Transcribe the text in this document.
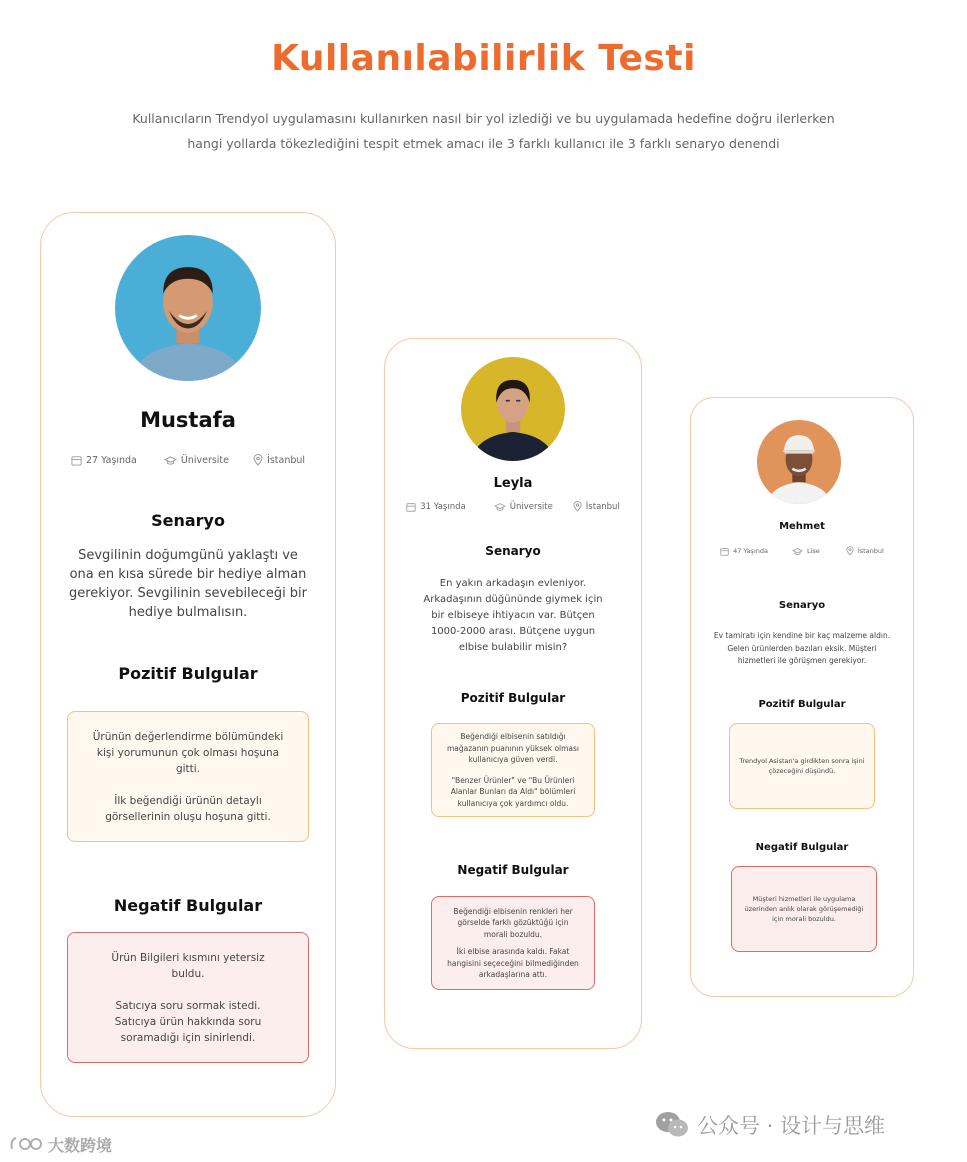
Kullanılabilirlik Testi
Kullanıcıların Trendyol uygulamasını kullanırken nasıl bir yol izlediği ve bu uygulamada hedefine doğru ilerlerken
hangi yollarda tökezlediğini tespit etmek amacı ile 3 farklı kullanıcı ile 3 farklı senaryo denendi
Mustafa
27 Yaşında	Üniversite	İstanbul
Senaryo
Sevgilinin doğumgünü yaklaştı ve ona en kısa sürede bir hediye alman gerekiyor. Sevgilinin sevebileceği bir hediye bulmalısın.
Pozitif Bulgular

Ürünün değerlendirme bölümündeki kişi yorumunun çok olması hoşuna gitti.

İlk beğendiği ürünün detaylı görsellerinin oluşu hoşuna gitti.

Negatif Bulgular

Ürün Bilgileri kısmını yetersiz buldu.

Satıcıya soru sormak istedi. Satıcıya ürün hakkında soru soramadığı için sinirlendi.

Leyla
31 Yaşında	Üniversite	İstanbul
Senaryo
En yakın arkadaşın evleniyor. Arkadaşının düğününde giymek için bir elbiseye ihtiyacın var. Bütçen 1000-2000 arası. Bütçene uygun elbise bulabilir misin?
Pozitif Bulgular

Beğendiği elbisenin satıldığı mağazanın puanının yüksek olması kullanıcıya güven verdi.

"Benzer Ürünler" ve "Bu Ürünleri Alanlar Bunları da Aldı" bölümleri kullanıcıya çok yardımcı oldu.

Negatif Bulgular

Beğendiği elbisenin renkleri her görselde farklı gözüktüğü için morali bozuldu.

İki elbise arasında kaldı. Fakat hangisini seçeceğini bilmediğinden arkadaşlarına attı.

Mehmet
47 Yaşında	Lise	İstanbul
Senaryo
Ev tamiratı için kendine bir kaç malzeme aldın. Gelen ürünlerden bazıları eksik. Müşteri hizmetleri ile görüşmen gerekiyor.
Pozitif Bulgular

Trendyol Asistan'a girdikten sonra işini çözeceğini düşündü.

Negatif Bulgular

Müşteri hizmetleri ile uygulama üzerinden anlık olarak görüşemediği için morali bozuldu.

公众号 · 设计与思维
大数跨境
